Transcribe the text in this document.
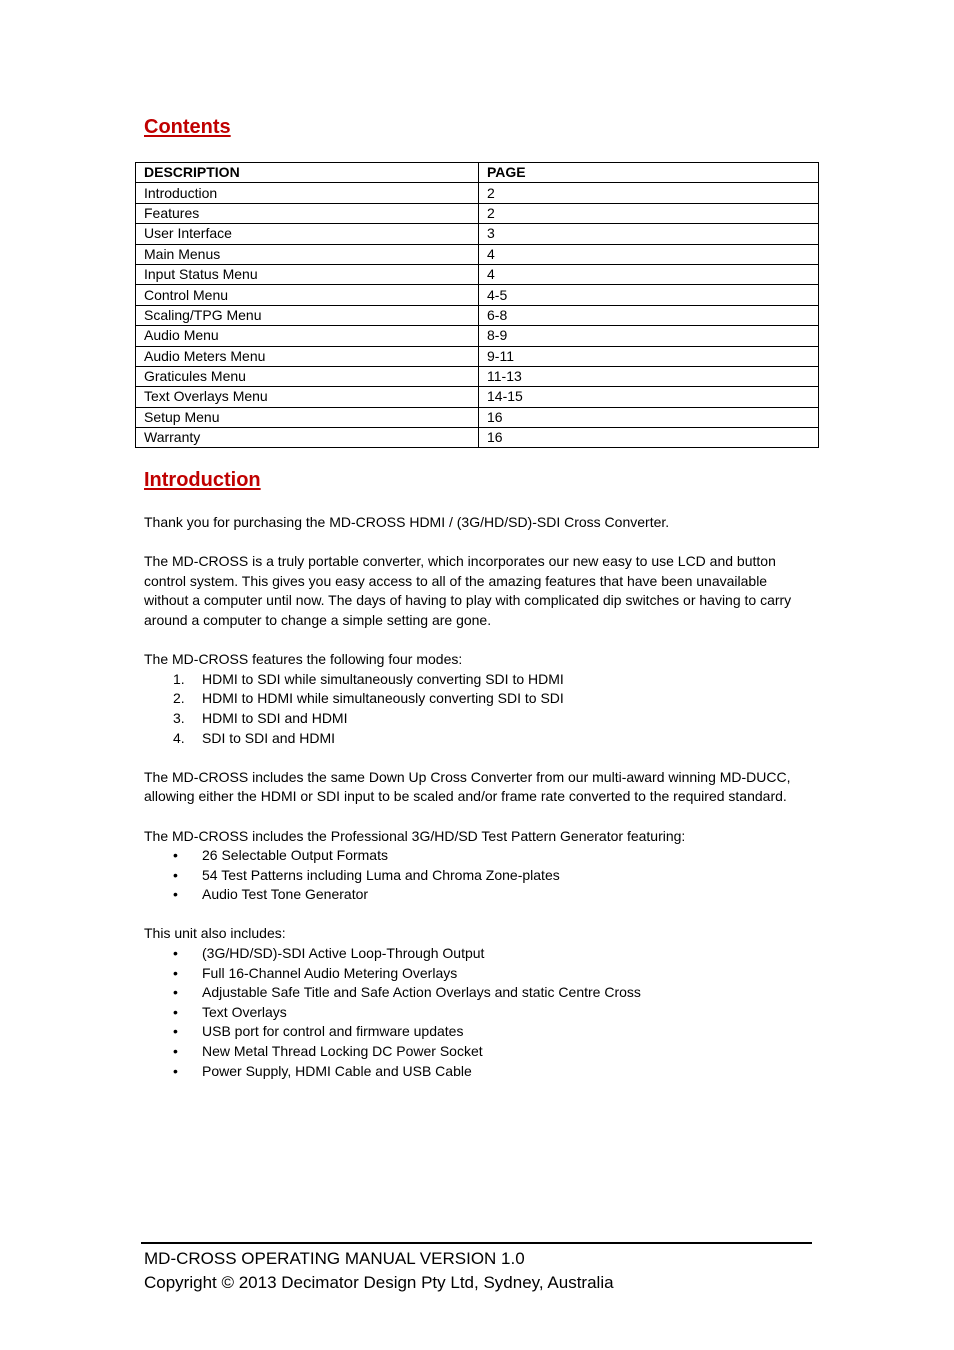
Contents
DESCRIPTION	PAGE
Introduction	2
Features	2
User Interface	3
Main Menus	4
Input Status Menu	4
Control Menu	4-5
Scaling/TPG Menu	6-8
Audio Menu	8-9
Audio Meters Menu	9-11
Graticules Menu	11-13
Text Overlays Menu	14-15
Setup Menu	16
Warranty	16
Introduction

Thank you for purchasing the MD-CROSS HDMI / (3G/HD/SD)-SDI Cross Converter.

The MD-CROSS is a truly portable converter, which incorporates our new easy to use LCD and button control system. This gives you easy access to all of the amazing features that have been unavailable without a computer until now. The days of having to play with complicated dip switches or having to carry around a computer to change a simple setting are gone.

The MD-CROSS features the following four modes:
1. HDMI to SDI while simultaneously converting SDI to HDMI
2. HDMI to HDMI while simultaneously converting SDI to SDI
3. HDMI to SDI and HDMI
4. SDI to SDI and HDMI

The MD-CROSS includes the same Down Up Cross Converter from our multi-award winning MD-DUCC, allowing either the HDMI or SDI input to be scaled and/or frame rate converted to the required standard.

The MD-CROSS includes the Professional 3G/HD/SD Test Pattern Generator featuring:
• 26 Selectable Output Formats
• 54 Test Patterns including Luma and Chroma Zone-plates
• Audio Test Tone Generator
This unit also includes:
• (3G/HD/SD)-SDI Active Loop-Through Output
• Full 16-Channel Audio Metering Overlays
• Adjustable Safe Title and Safe Action Overlays and static Centre Cross
• Text Overlays
• USB port for control and firmware updates
• New Metal Thread Locking DC Power Socket
• Power Supply, HDMI Cable and USB Cable
MD-CROSS OPERATING MANUAL VERSION 1.0
Copyright © 2013 Decimator Design Pty Ltd, Sydney, Australia
